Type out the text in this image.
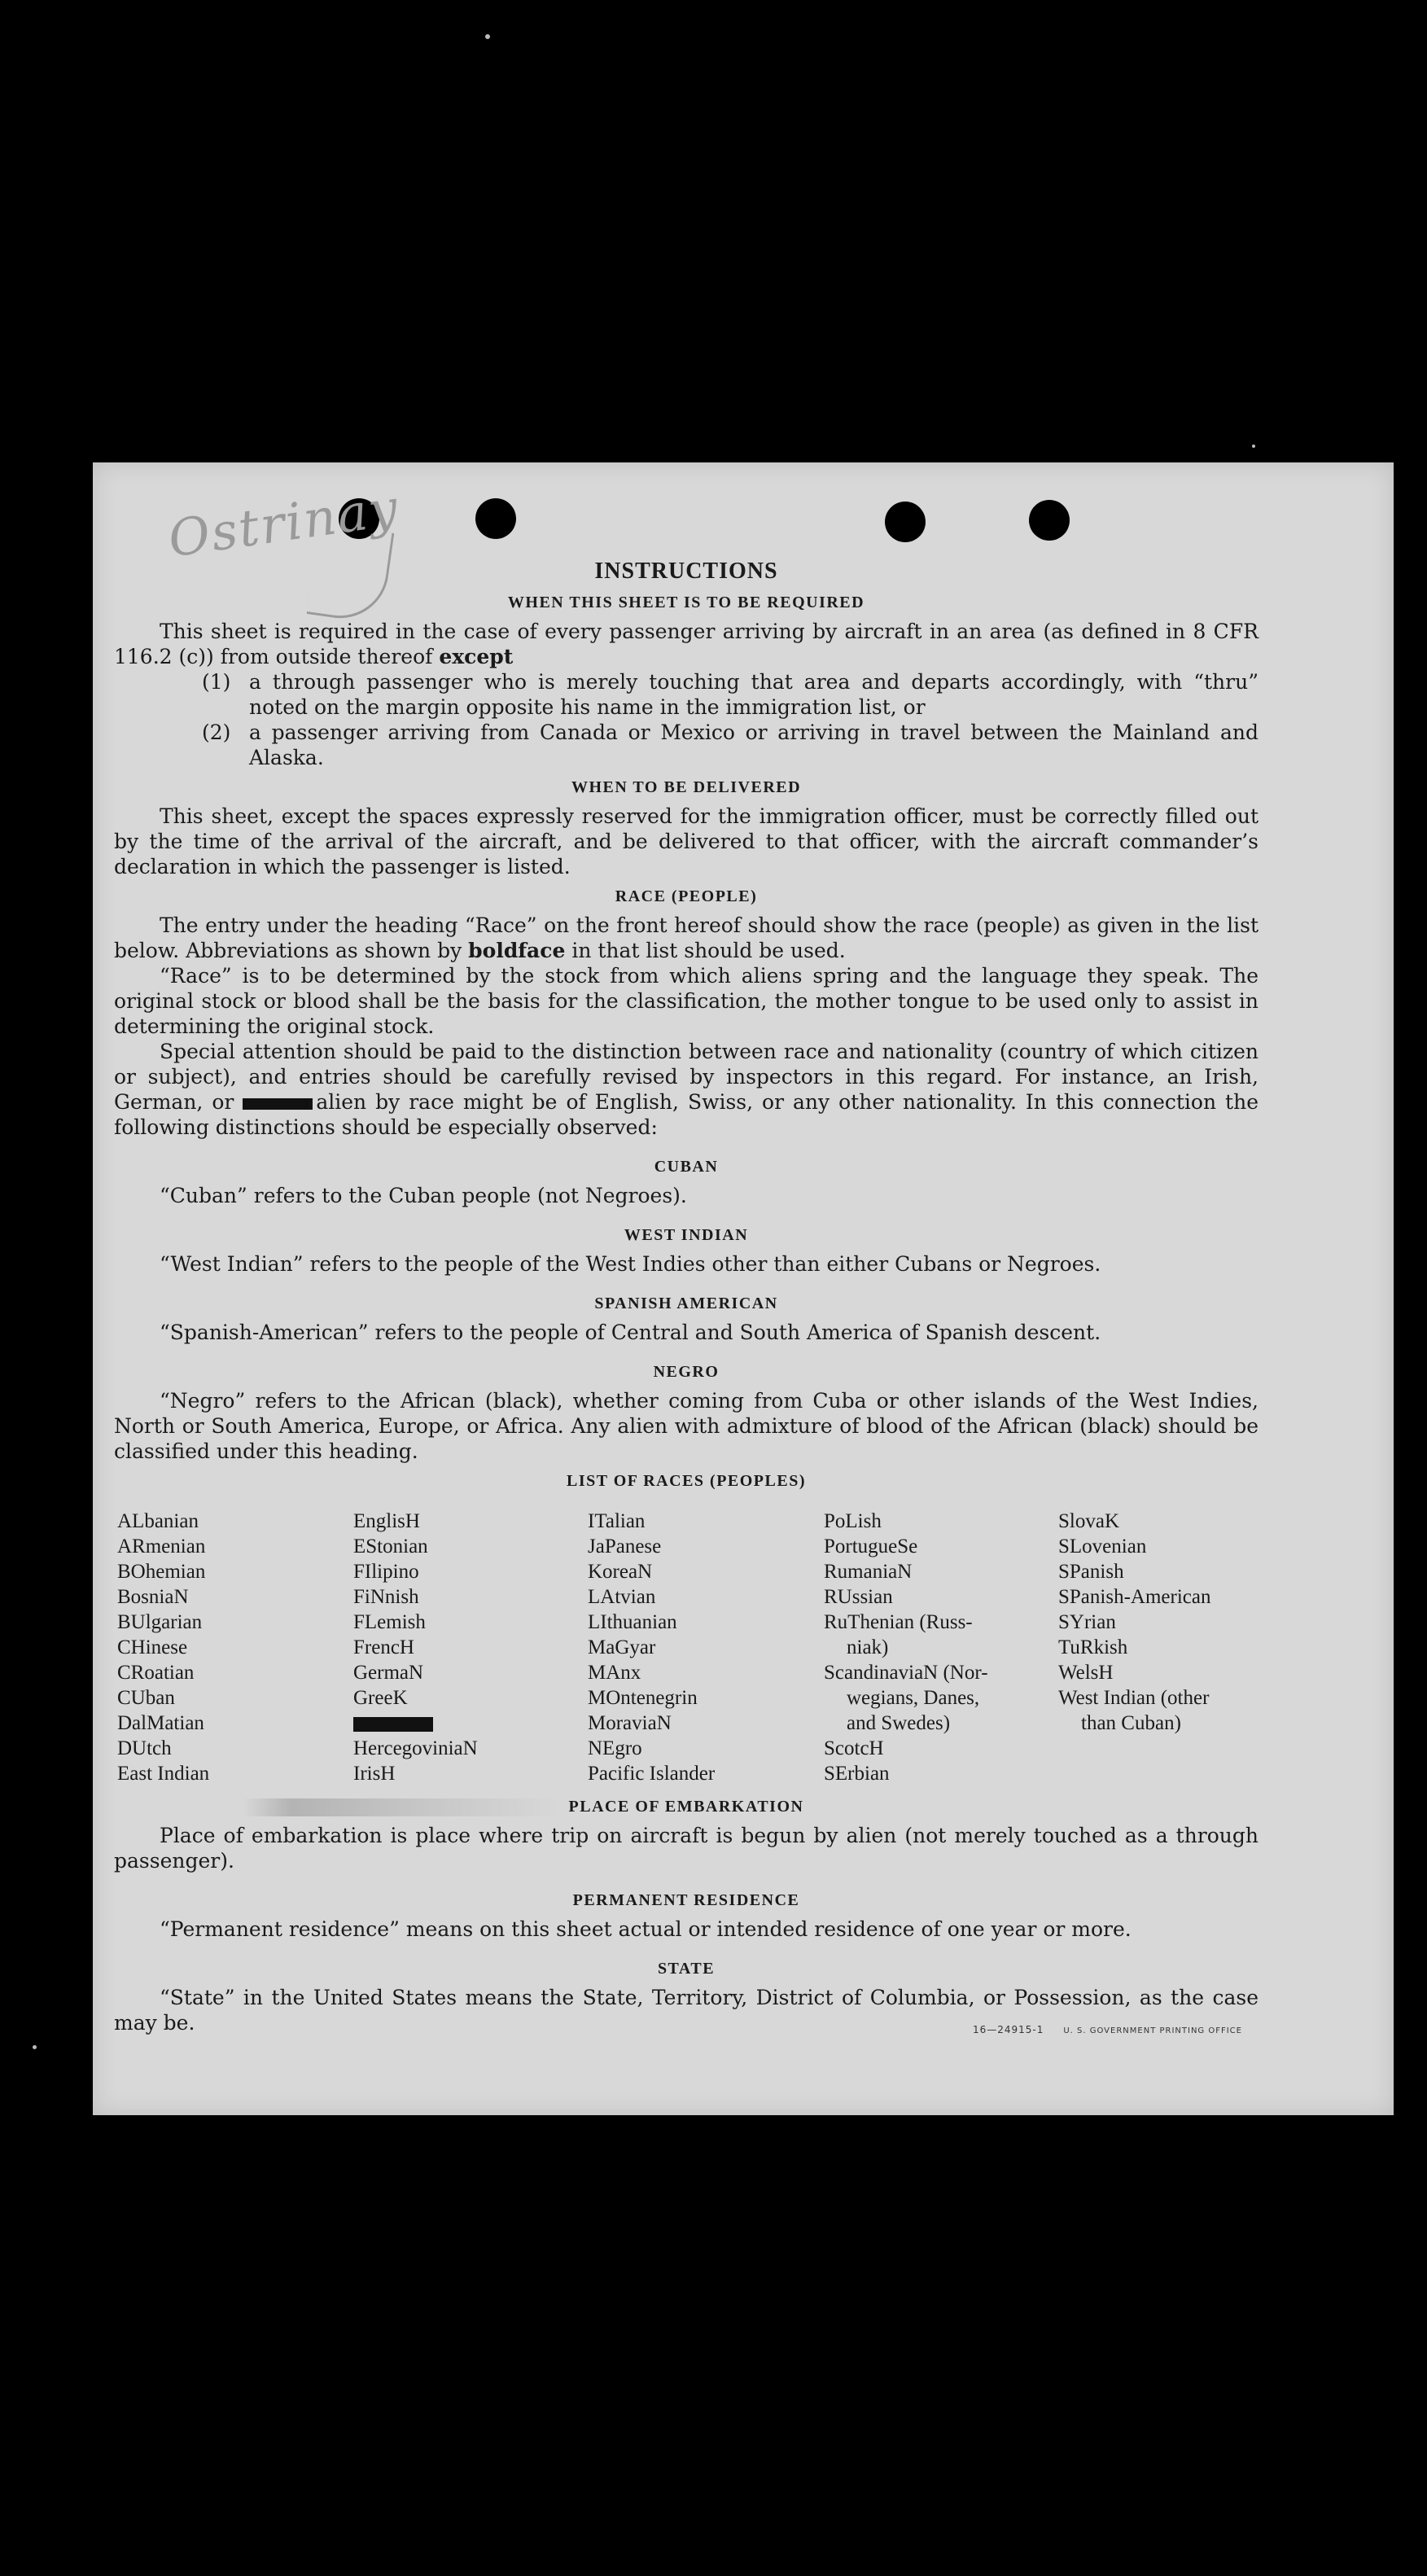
Ostrinay
INSTRUCTIONS
WHEN THIS SHEET IS TO BE REQUIRED

This sheet is required in the case of every passenger arriving by aircraft in an area (as defined in 8 CFR 116.2 (c)) from outside thereof except

(1) a through passenger who is merely touching that area and departs accordingly, with “thru” noted on the margin opposite his name in the immigration list, or
(2) a passenger arriving from Canada or Mexico or arriving in travel between the Mainland and Alaska.
WHEN TO BE DELIVERED

This sheet, except the spaces expressly reserved for the immigration officer, must be correctly filled out by the time of the arrival of the aircraft, and be delivered to that officer, with the aircraft commander’s declaration in which the passenger is listed.

RACE (PEOPLE)

The entry under the heading “Race” on the front hereof should show the race (people) as given in the list below. Abbreviations as shown by boldface in that list should be used.

“Race” is to be determined by the stock from which aliens spring and the language they speak. The original stock or blood shall be the basis for the classification, the mother tongue to be used only to assist in determining the original stock.

Special attention should be paid to the distinction between race and nationality (country of which citizen or subject), and entries should be carefully revised by inspectors in this regard. For instance, an Irish, German, or	alien by race might be of English, Swiss, or any other nationality. In this connection the following distinctions should be especially observed:

CUBAN

“Cuban” refers to the Cuban people (not Negroes).

WEST INDIAN

“West Indian” refers to the people of the West Indies other than either Cubans or Negroes.

SPANISH AMERICAN

“Spanish-American” refers to the people of Central and South America of Spanish descent.

NEGRO

“Negro” refers to the African (black), whether coming from Cuba or other islands of the West Indies, North or South America, Europe, or Africa. Any alien with admixture of blood of the African (black) should be classified under this heading.

LIST OF RACES (PEOPLES)
ALbanian
ARmenian
BOhemian
BosniaN
BUlgarian
CHinese
CRoatian
CUban
DalMatian
DUtch
East Indian
EnglisH
EStonian
FIlipino
FiNnish
FLemish
FrencH
GermaN
GreeK
HercegoviniaN
IrisH
ITalian
JaPanese
KoreaN
LAtvian
LIthuanian
MaGyar
MAnx
MOntenegrin
MoraviaN
NEgro
Pacific Islander
PoLish
PortugueSe
RumaniaN
RUssian
RuThenian (Russ-
niak)
ScandinaviaN (Nor-
wegians, Danes,
and Swedes)
ScotcH
SErbian
SlovaK
SLovenian
SPanish
SPanish-American
SYrian
TuRkish
WelsH
West Indian (other
than Cuban)
PLACE OF EMBARKATION

Place of embarkation is place where trip on aircraft is begun by alien (not merely touched as a through passenger).

PERMANENT RESIDENCE

“Permanent residence” means on this sheet actual or intended residence of one year or more.

STATE

“State” in the United States means the State, Territory, District of Columbia, or Possession, as the case may be.	16—24915-1 U. S. GOVERNMENT PRINTING OFFICE
